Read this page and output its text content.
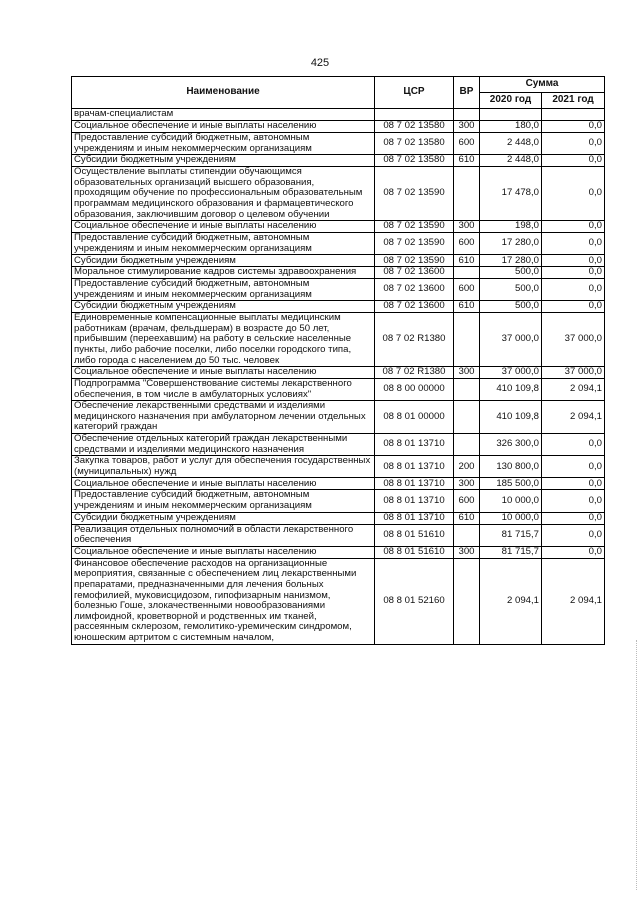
425
Наименование	ЦСР	ВР	Сумма	
			2020 год	2021 год
врачам-специалистам				
Социальное обеспечение и иные выплаты населению	08 7 02 13580	300	180,0	0,0
Предоставление субсидий бюджетным, автономным учреждениям и иным некоммерческим организациям	08 7 02 13580	600	2 448,0	0,0
Субсидии бюджетным учреждениям	08 7 02 13580	610	2 448,0	0,0
Осуществление выплаты стипендии обучающимся образовательных организаций высшего образования, проходящим обучение по профессиональным образовательным программам медицинского образования и фармацевтического образования, заключившим договор о целевом обучении	08 7 02 13590		17 478,0	0,0
Социальное обеспечение и иные выплаты населению	08 7 02 13590	300	198,0	0,0
Предоставление субсидий бюджетным, автономным учреждениям и иным некоммерческим организациям	08 7 02 13590	600	17 280,0	0,0
Субсидии бюджетным учреждениям	08 7 02 13590	610	17 280,0	0,0
Моральное стимулирование кадров системы здравоохранения	08 7 02 13600		500,0	0,0
Предоставление субсидий бюджетным, автономным учреждениям и иным некоммерческим организациям	08 7 02 13600	600	500,0	0,0
Субсидии бюджетным учреждениям	08 7 02 13600	610	500,0	0,0
Единовременные компенсационные выплаты медицинским работникам (врачам, фельдшерам) в возрасте до 50 лет, прибывшим (переехавшим) на работу в сельские населенные пункты, либо рабочие поселки, либо поселки городского типа, либо города с населением до 50 тыс. человек	08 7 02 R1380		37 000,0	37 000,0
Социальное обеспечение и иные выплаты населению	08 7 02 R1380	300	37 000,0	37 000,0
Подпрограмма "Совершенствование системы лекарственного обеспечения, в том числе в амбулаторных условиях"	08 8 00 00000		410 109,8	2 094,1
Обеспечение лекарственными средствами и изделиями медицинского назначения при амбулаторном лечении отдельных категорий граждан	08 8 01 00000		410 109,8	2 094,1
Обеспечение отдельных категорий граждан лекарственными средствами и изделиями медицинского назначения	08 8 01 13710		326 300,0	0,0
Закупка товаров, работ и услуг для обеспечения государственных (муниципальных) нужд	08 8 01 13710	200	130 800,0	0,0
Социальное обеспечение и иные выплаты населению	08 8 01 13710	300	185 500,0	0,0
Предоставление субсидий бюджетным, автономным учреждениям и иным некоммерческим организациям	08 8 01 13710	600	10 000,0	0,0
Субсидии бюджетным учреждениям	08 8 01 13710	610	10 000,0	0,0
Реализация отдельных полномочий в области лекарственного обеспечения	08 8 01 51610		81 715,7	0,0
Социальное обеспечение и иные выплаты населению	08 8 01 51610	300	81 715,7	0,0
Финансовое обеспечение расходов на организационные мероприятия, связанные с обеспечением лиц лекарственными препаратами, предназначенными для лечения больных гемофилией, муковисцидозом, гипофизарным нанизмом, болезнью Гоше, злокачественными новообразованиями лимфоидной, кроветворной и родственных им тканей, рассеянным склерозом, гемолитико-уремическим синдромом, юношеским артритом с системным началом,	08 8 01 52160		2 094,1	2 094,1
